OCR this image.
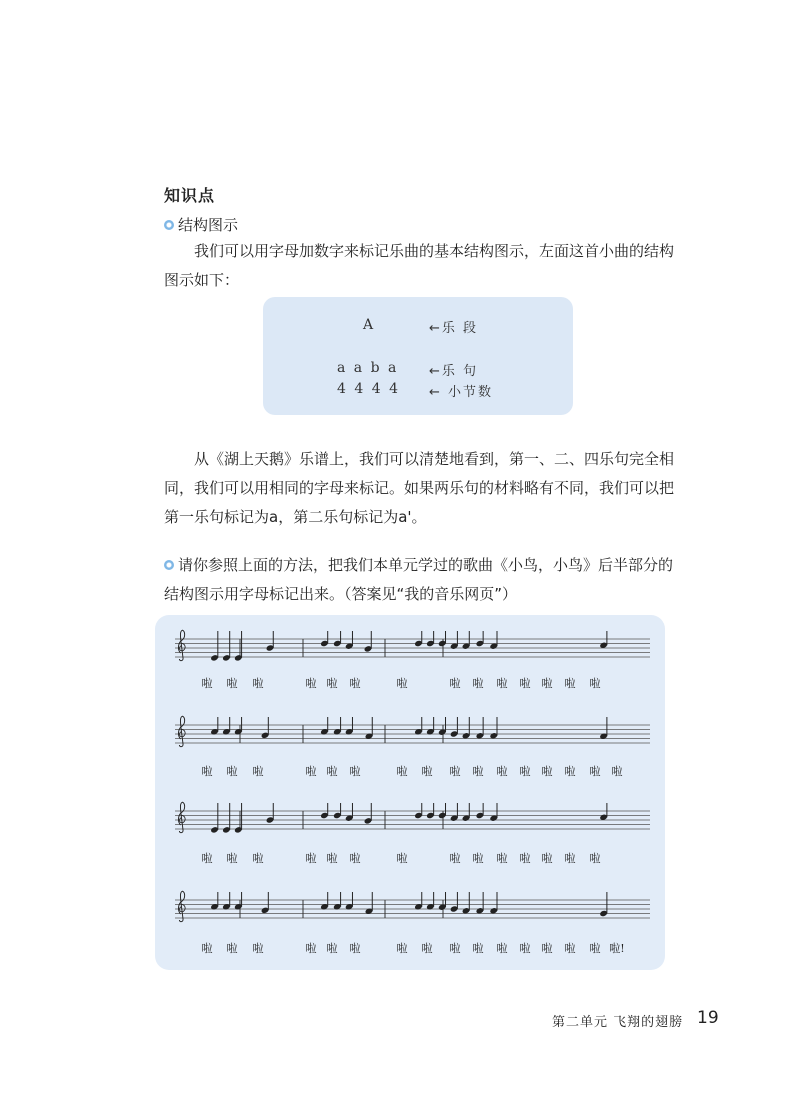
知识点
结构图示
我们可以用字母加数字来标记乐曲的基本结构图示，左面这首小曲的结构图示如下：
A	←乐 段
a a b a ←乐 句
4 4 4 4 ← 小节数
从《湖上天鹅》乐谱上，我们可以清楚地看到，第一、二、四乐句完全相同，我们可以用相同的字母来标记。如果两乐句的材料略有不同，我们可以把第一乐句标记为a，第二乐句标记为a'。
请你参照上面的方法，把我们本单元学过的歌曲《小鸟，小鸟》后半部分的结构图示用字母标记出来。（答案见“我的音乐网页”）
啦 啦 啦	啦 啦 啦	啦	啦 啦 啦 啦 啦 啦 啦
啦 啦 啦	啦 啦 啦	啦 啦 啦 啦 啦 啦 啦 啦 啦 啦
啦 啦 啦	啦 啦 啦	啦	啦 啦 啦 啦 啦 啦 啦
啦 啦 啦	啦 啦 啦	啦 啦 啦 啦 啦 啦 啦 啦 啦 啦!
第二单元 飞翔的翅膀 19
